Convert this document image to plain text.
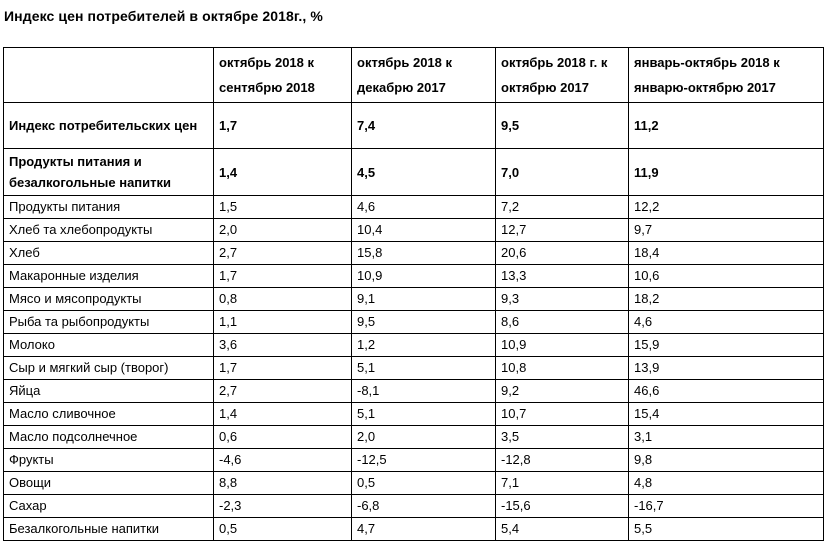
Индекс цен потребителей в октябре 2018г., %
	октябрь 2018 к сентябрю 2018	октябрь 2018 к декабрю 2017	октябрь 2018 г. к октябрю 2017	январь-октябрь 2018 к январю-октябрю 2017
Индекс потребительских цен	1,7	7,4	9,5	11,2
Продукты питания и безалкогольные напитки	1,4	4,5	7,0	11,9
Продукты питания	1,5	4,6	7,2	12,2
Хлеб та хлебопродукты	2,0	10,4	12,7	9,7
Хлеб	2,7	15,8	20,6	18,4
Макаронные изделия	1,7	10,9	13,3	10,6
Мясо и мясопродукты	0,8	9,1	9,3	18,2
Рыба та рыбопродукты	1,1	9,5	8,6	4,6
Молоко	3,6	1,2	10,9	15,9
Сыр и мягкий сыр (творог)	1,7	5,1	10,8	13,9
Яйца	2,7	-8,1	9,2	46,6
Масло сливочное	1,4	5,1	10,7	15,4
Масло подсолнечное	0,6	2,0	3,5	3,1
Фрукты	-4,6	-12,5	-12,8	9,8
Овощи	8,8	0,5	7,1	4,8
Сахар	-2,3	-6,8	-15,6	-16,7
Безалкогольные напитки	0,5	4,7	5,4	5,5
